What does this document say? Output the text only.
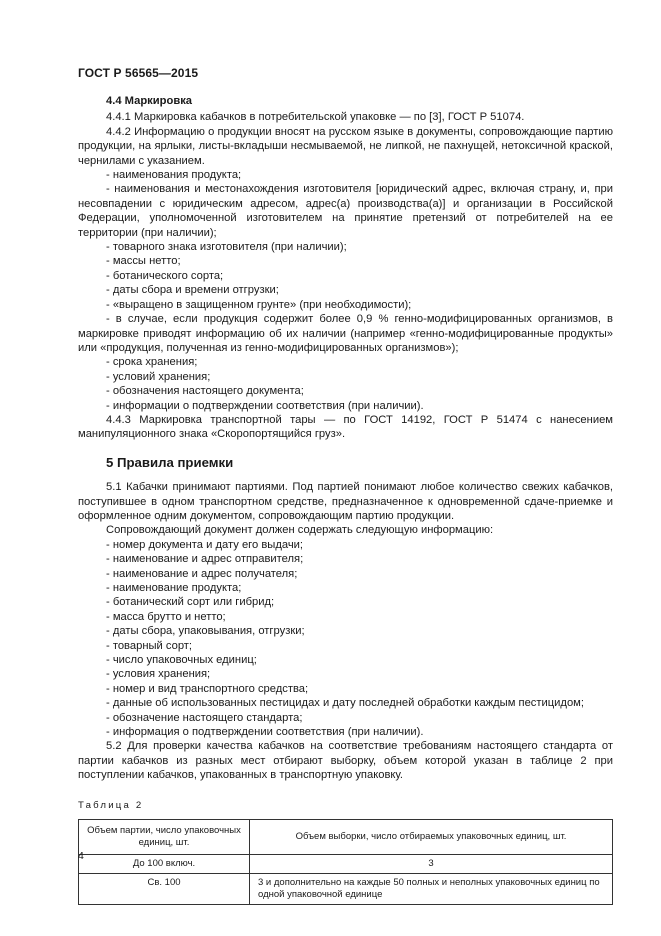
ГОСТ Р 56565—2015

4.4 Маркировка

4.4.1 Маркировка кабачков в потребительской упаковке — по [3], ГОСТ Р 51074.

4.4.2 Информацию о продукции вносят на русском языке в документы, сопровождающие партию продукции, на ярлыки, листы-вкладыши несмываемой, не липкой, не пахнущей, нетоксичной краской, чернилами с указанием.

- наименования продукта;

- наименования и местонахождения изготовителя [юридический адрес, включая страну, и, при несовпадении с юридическим адресом, адрес(а) производства(а)] и организации в Российской Федерации, уполномоченной изготовителем на принятие претензий от потребителей на ее территории (при наличии);

- товарного знака изготовителя (при наличии);

- массы нетто;

- ботанического сорта;

- даты сбора и времени отгрузки;

- «выращено в защищенном грунте» (при необходимости);

- в случае, если продукция содержит более 0,9 % генно-модифицированных организмов, в маркировке приводят информацию об их наличии (например «генно-модифицированные продукты» или «продукция, полученная из генно-модифицированных организмов»);

- срока хранения;

- условий хранения;

- обозначения настоящего документа;

- информации о подтверждении соответствия (при наличии).

4.4.3 Маркировка транспортной тары — по ГОСТ 14192, ГОСТ Р 51474 с нанесением манипуляционного знака «Скоропортящийся груз».

5 Правила приемки

5.1 Кабачки принимают партиями. Под партией понимают любое количество свежих кабачков, поступившее в одном транспортном средстве, предназначенное к одновременной сдаче-приемке и оформленное одним документом, сопровождающим партию продукции.

Сопровождающий документ должен содержать следующую информацию:

- номер документа и дату его выдачи;

- наименование и адрес отправителя;

- наименование и адрес получателя;

- наименование продукта;

- ботанический сорт или гибрид;

- масса брутто и нетто;

- даты сбора, упаковывания, отгрузки;

- товарный сорт;

- число упаковочных единиц;

- условия хранения;

- номер и вид транспортного средства;

- данные об использованных пестицидах и дату последней обработки каждым пестицидом;

- обозначение настоящего стандарта;

- информация о подтверждении соответствия (при наличии).

5.2 Для проверки качества кабачков на соответствие требованиям настоящего стандарта от партии кабачков из разных мест отбирают выборку, объем которой указан в таблице 2 при поступлении кабачков, упакованных в транспортную упаковку.

Таблица 2

Объем партии, число упаковочных единиц, шт.	Объем выборки, число отбираемых упаковочных единиц, шт.
До 100 включ.	3
Св. 100	3 и дополнительно на каждые 50 полных и неполных упаковочных единиц по одной упаковочной единице
4
